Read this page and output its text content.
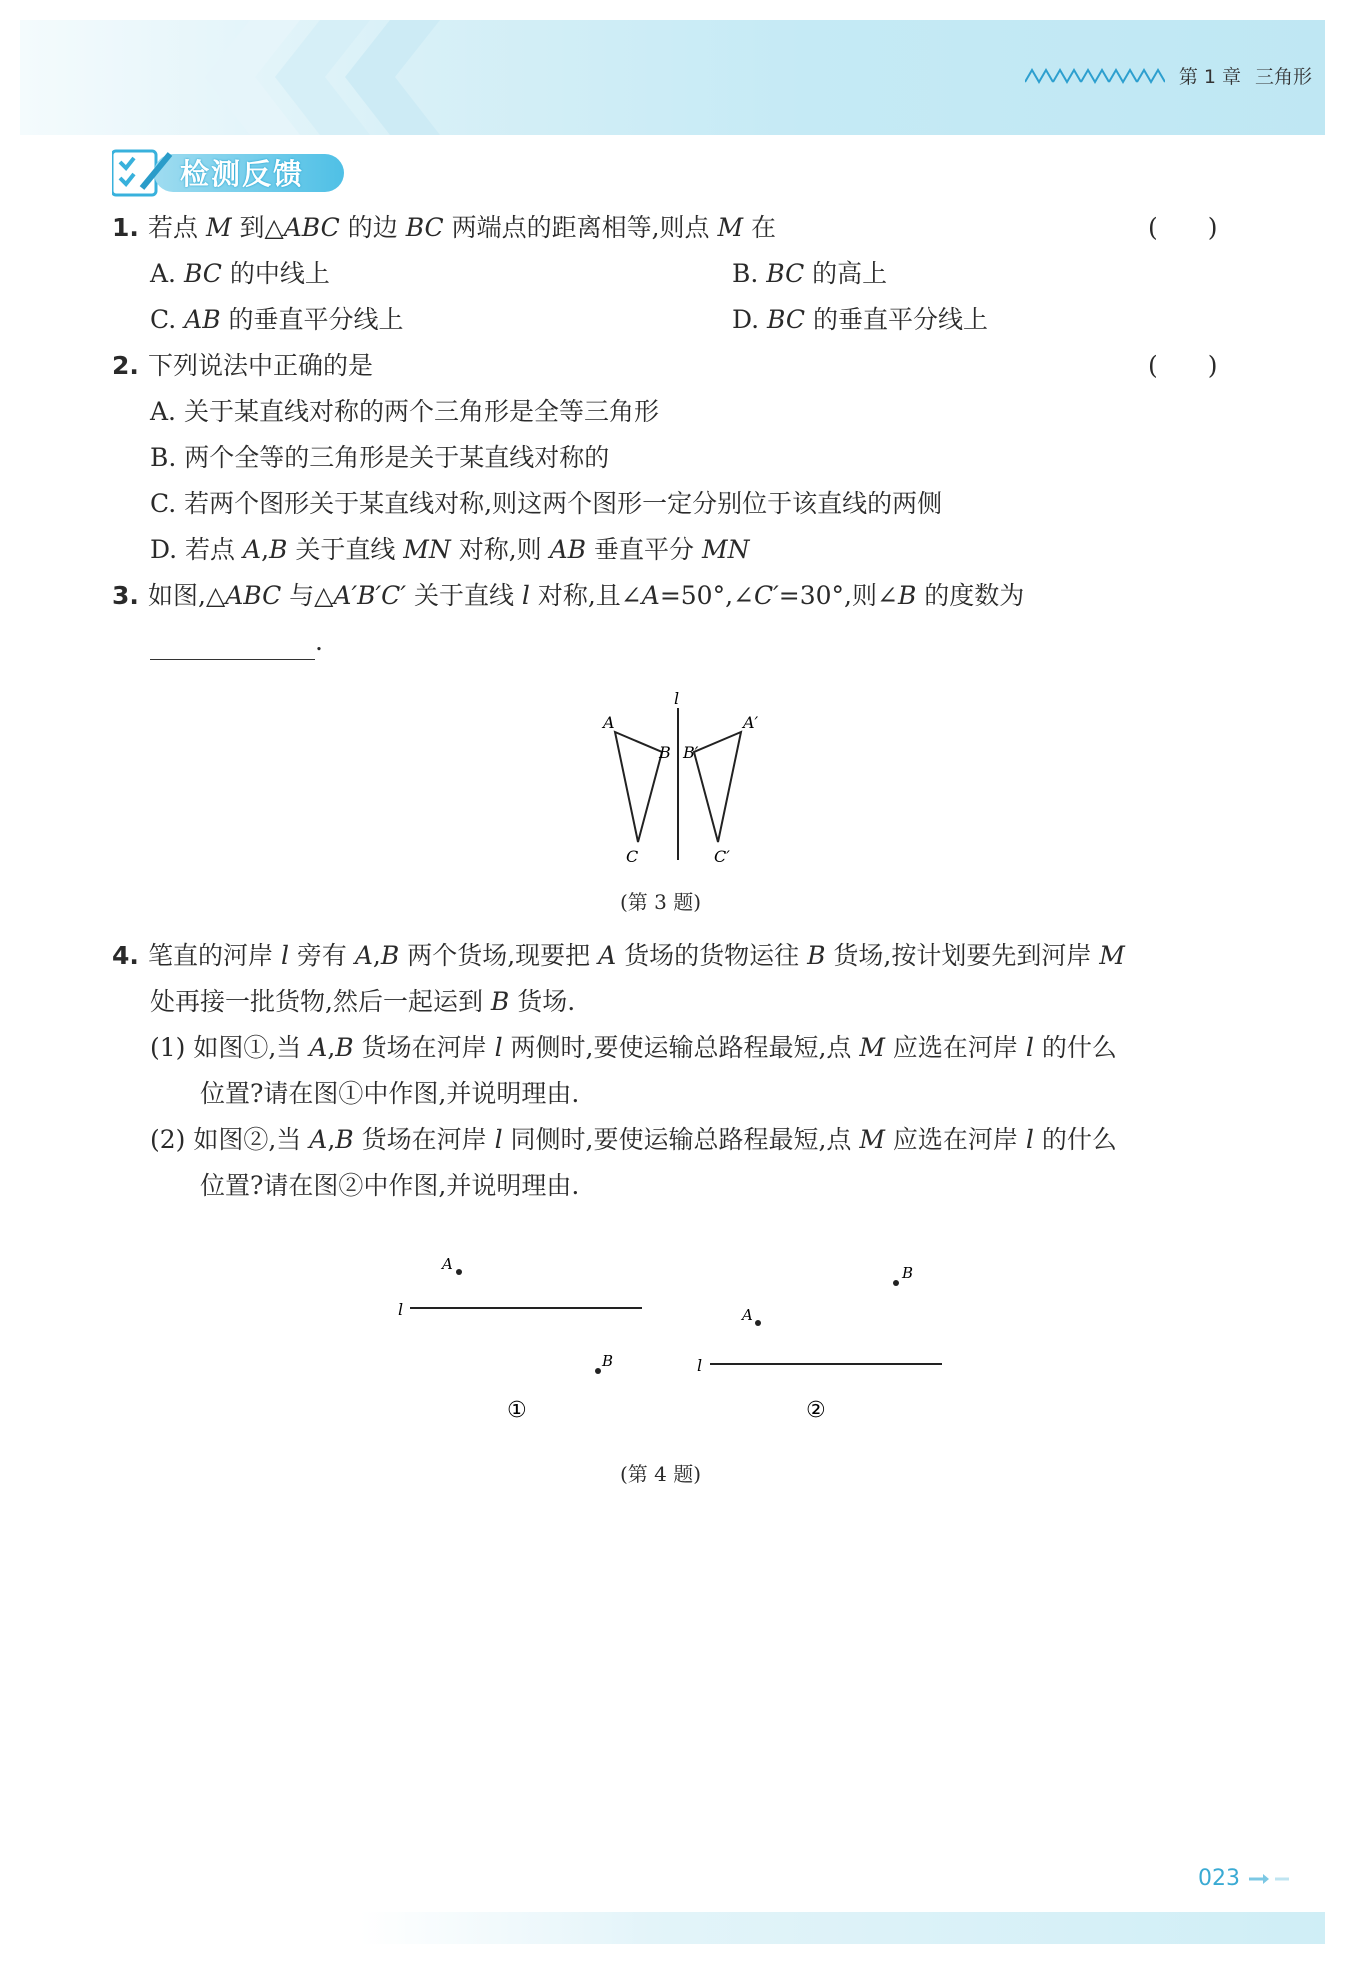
第 1 章 三角形
检测反馈
1. 若点 M 到△ABC 的边 BC 两端点的距离相等,则点 M 在	(　　)
A. BC 的中线上	B. BC 的高上
C. AB 的垂直平分线上	D. BC 的垂直平分线上
2. 下列说法中正确的是	(　　)
A. 关于某直线对称的两个三角形是全等三角形
B. 两个全等的三角形是关于某直线对称的
C. 若两个图形关于某直线对称,则这两个图形一定分别位于该直线的两侧
D. 若点 A,B 关于直线 MN 对称,则 AB 垂直平分 MN
3. 如图,△ABC 与△A′B′C′ 关于直线 l 对称,且∠A=50°,∠C′=30°,则∠B 的度数为
.
l
A
B
C
A′
B′
C′
(第 3 题)
4. 笔直的河岸 l 旁有 A,B 两个货场,现要把 A 货场的货物运往 B 货场,按计划要先到河岸 M
处再接一批货物,然后一起运到 B 货场.
(1) 如图①,当 A,B 货场在河岸 l 两侧时,要使运输总路程最短,点 M 应选在河岸 l 的什么
位置?请在图①中作图,并说明理由.
(2) 如图②,当 A,B 货场在河岸 l 同侧时,要使运输总路程最短,点 M 应选在河岸 l 的什么
位置?请在图②中作图,并说明理由.
A
B
l
①
A
B
l
②
(第 4 题)
023
